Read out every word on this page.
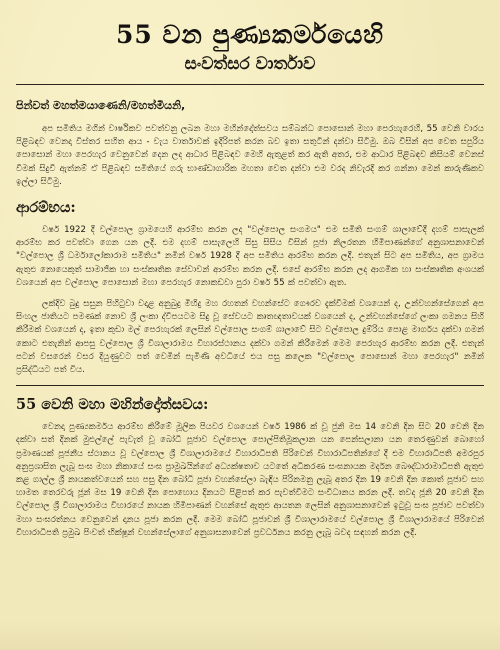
55 වන පුණ්‍යකර්මයෙහි
සංවත්සර වාර්තාව
පින්වත් මහත්මයාණෙනි/මහත්මියනි,

අප සමිතිය මගින් වාර්ෂිකව පවත්වනු ලබන මහා මහින්දෝත්සවය සම්බන්ධ පොසොන් මහා පෙරහැරෙහි, 55 වෙනි වාරය පිළිබඳව වෙනදා විස්තර සහිත ආය - වැය වාර්තාවක් ඉදිරිපත් කරන බව ඉතා සතුටින් දන්වා සිටිමු. ඔබ විසින් අප වෙත සපුරිය පොසොන් මහා පෙරහැර වෙනුවෙන් දෙන ලද ආධාර පිළිබඳව මෙහි ඇතුළත් කර ඇති අතර, එම ආධාර පිළිබඳව කිසියම් වෙනස් වීමක් සිදුවී ඇත්නම් ඒ පිළිබඳව සමිතියේ ගරු භාණ්ඩාගාරික මහතා වෙත දන්වා එම වරද නිවැරදි කර ගන්නා මෙන් කාරුණිකව ඉල්ලා සිටිමු.

ආරම්භය:

වර්ෂ 1922 දී වල්පොල ග්‍රාමයෙහි ආරම්භ කරන ලද "වල්පොල සංගමය" එම සමිති සංගම් ශාලාවේදී දහම් පාසැලක් ආරම්භ කර පවත්වා ගෙන යන ලදී. එම දහම් පාසැලෙහි සිසු සිසිය විසින් පූජා නිලරතන හිමිපාණන්ගේ අනුශාසනාවෙන් "වල්පොල ශ්‍රී ධර්මාලෝකාරාම සමිතිය" නමින් වර්ෂ 1928 දී අප සමිතිය ආරම්භ කරන ලදී. එතැන් සිට අප සමිතිය, අප ග්‍රාමය ඇතුළු නොයෙකුත් සාමාජික හා සංස්කෘතික සේවාවන් ආරම්භ කරන ලදී. එසේ ආරම්භ කරන ලද ආගමික හා සංස්කෘතික අංශයක් වශයෙන් අප වල්පොල පොසොන් මහා පෙරහැර නොකඩවා පුරා වර්ෂ 55 ක් පවත්වා ඇත.

ලක්දිව බුදු සසුන පිහිටුවා වදාළ අනුබුදු මිහිදු මහ රහතන් වහන්සේට ගෞරව දැක්වීමක් වශයෙන් ද, උන්වහන්සේගෙන් අප සිංහල ජාතියට පමණක් නොව ශ්‍රී ලංකා ද්වීපයටම සිදු වූ සේවයට කෘතඥතාවයක් වශයෙන් ද, උන්වහන්සේගේ ලංකා ගමනය සිහි කිරීමක් වශයෙන් ද, ඉතා කුඩා මල් පෙරහැරක් ලෙසින් වල්පොල සංගම් ශාලාවේ සිට වල්පොල දුම්රිය පොළ මාර්ගය දක්වා ගමන් කොට එතැනින් ආපසු වල්පොල ශ්‍රී විශාලාරාමය විහාරස්ථානය දක්වා ගමන් කිරීමෙන් මෙම පෙරහැර ආරම්භ කරන ලදී. එතැන් පටන් වසරෙන් වසර දියුණුවට පත් වෙමින් පැමිණි අවධියේ එය පසු කලෙක "වල්පොල පොසොන් මහා පෙරහැර" නමින් ප්‍රසිද්ධියට පත් විය.

55 වෙනි මහා මහින්දෝත්සවය:

වෙනදා පුණ්‍යකර්මය ආරම්භ කිරීමේ මූලික පියවර වශයෙන් වර්ෂ 1986 ක් වූ ජුනි මස 14 වෙනි දින සිට 20 වෙනි දින දක්වා සත් දිනක් මුළුල්ලේ පැවැත් වූ බෝධි පූජාව වල්පොල පොල්පිතිමූකලාන යන පෙන්සලානා යන තෙරණුවන් බොහෝ ප්‍රමාණයක් පූජනීය ස්ථානය වූ වල්පොල ශ්‍රී විශාලාරාමයේ විහාරාධිපති පිරිවෙන් විහාරාධිපතින්ගේ දී එම විහාරාධිපති අමරපුර අනුප්‍රශාසිත ලැබූ සංඝ මහා නිකායේ සංඝ ප්‍රාමුඛයින්ගේ අධ්‍යක්ෂතාව යටතේ අධිකරණ සංඝනායක මර්දන බෞද්ධාරාමාධිපති ඇතුළු කළ ගාල්ල ශ්‍රී නායකත්වයෙන් සහ පසු දින බෝධි පූජා වහන්සේලා බැඳිය පිරිනමනු ලැබූ අතර දින 19 වෙනි දින කොත් පූජාව සහ හාමත තෙරවරු ජූන් මස 19 වෙනි දින පොහොය දිනයට පිළිපත් කර පැවත්වීමට සංවිධානය කරන ලදී. තවද ජූනි 20 වෙනි දින වල්පොල ශ්‍රී විශාලාරාමය විහාරයේ නායක හිමිපාණන් වහන්සේ ඇතුළු ආයතන ලෙසින් අනුශාසනාවෙන් ඉටුවූ සංඝ පූජාව පවත්වා මහා සංඝරත්නය වෙනුවෙන් දානය පූජා කරන ලදී. මෙම බෝධි පූජාවන් ශ්‍රී විශාලාරාමයේ වල්පොල ශ්‍රී විශාලාරාමයේ පිරිවෙන් විහාරාධිපති ප්‍රමුඛ පිංවත් භික්ෂූන් වහන්සේලාගේ අනුශාසනාවෙන් ප්‍රවර්ධනය කරනු ලැබූ බවද සඳහන් කරන ලදී.
